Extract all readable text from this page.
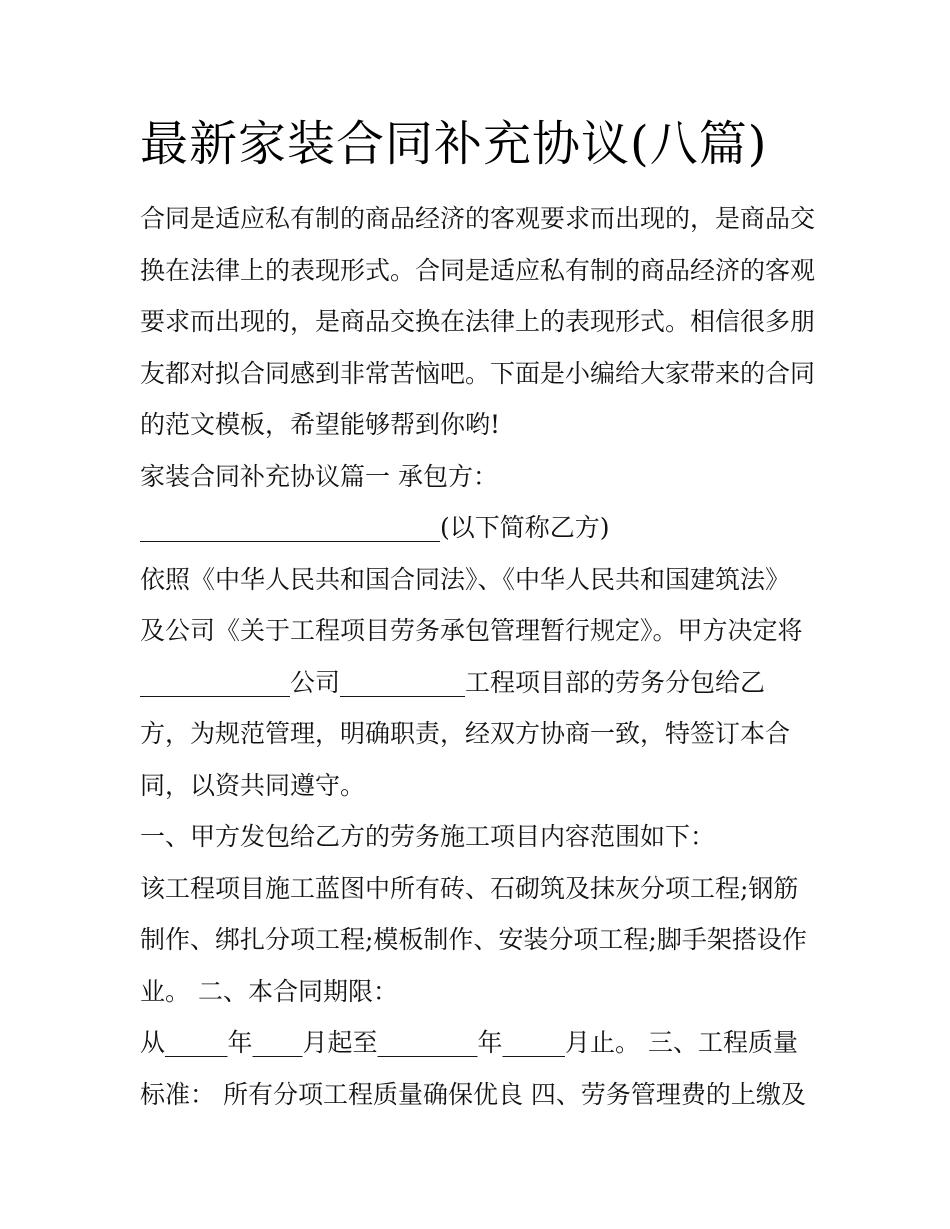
最新家装合同补充协议(八篇)

合同是适应私有制的商品经济的客观要求而出现的，是商品交

换在法律上的表现形式。合同是适应私有制的商品经济的客观

要求而出现的，是商品交换在法律上的表现形式。相信很多朋

友都对拟合同感到非常苦恼吧。下面是小编给大家带来的合同

的范文模板，希望能够帮到你哟!

家装合同补充协议篇一 承包方：

________________________(以下简称乙方)

依照《中华人民共和国合同法》、《中华人民共和国建筑法》

及公司《关于工程项目劳务承包管理暂行规定》。甲方决定将

____________公司__________工程项目部的劳务分包给乙

方，为规范管理，明确职责，经双方协商一致，特签订本合

同，以资共同遵守。

一、甲方发包给乙方的劳务施工项目内容范围如下：

该工程项目施工蓝图中所有砖、石砌筑及抹灰分项工程;钢筋

制作、绑扎分项工程;模板制作、安装分项工程;脚手架搭设作

业。 二、本合同期限：

从_____年____月起至________年_____月止。 三、工程质量

标准： 所有分项工程质量确保优良 四、劳务管理费的上缴及
